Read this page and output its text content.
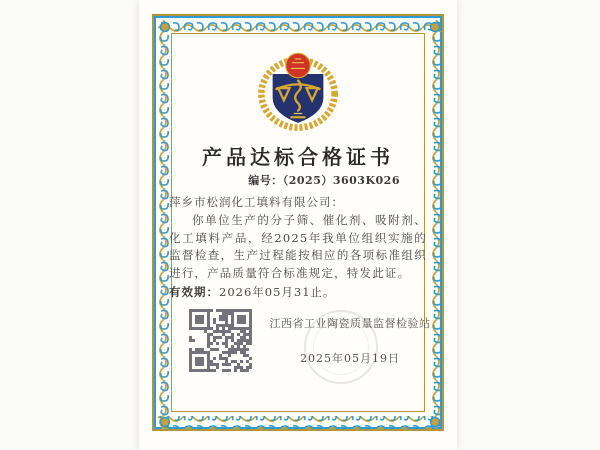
产品达标合格证书
编号：（2025）3603K026
萍乡市松润化工填料有限公司：

你单位生产的分子筛、催化剂、吸附剂、化工填料产品，经2025年我单位组织实施的监督检查，生产过程能按相应的各项标准组织进行，产品质量符合标准规定，特发此证。

有效期：2026年05月31止。
江西省工业陶瓷质量监督检验站
2025年05月19日
